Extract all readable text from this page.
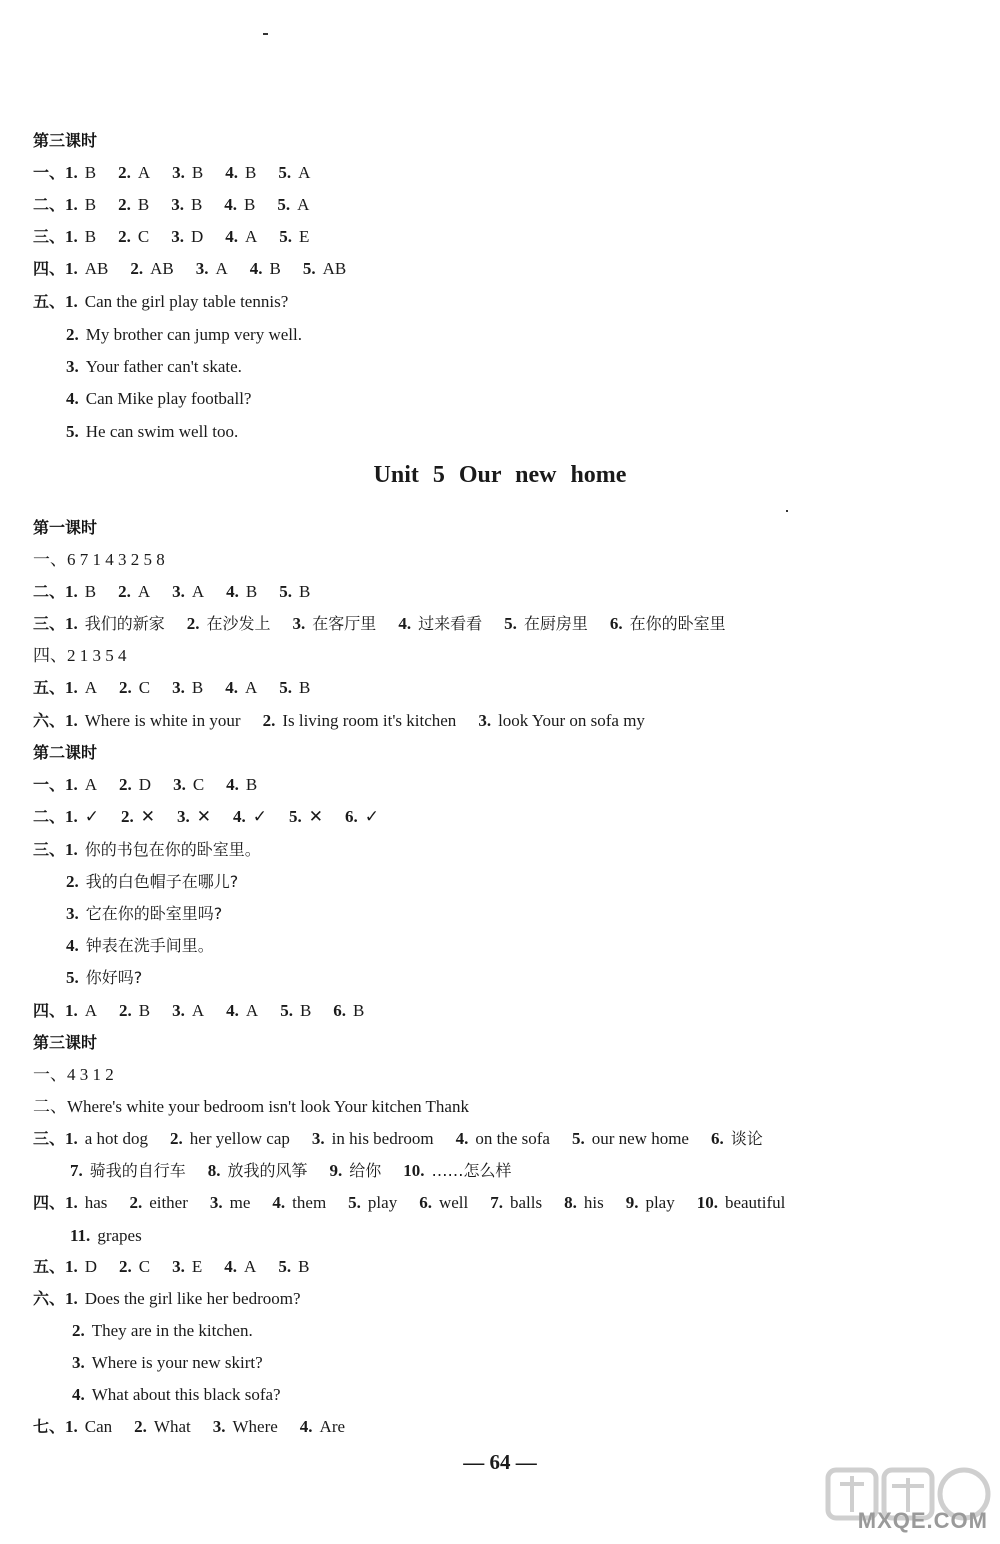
第三课时
一、1. B 2. A 3. B 4. B 5. A
二、1. B 2. B 3. B 4. B 5. A
三、1. B 2. C 3. D 4. A 5. E
四、1. AB 2. AB 3. A 4. B 5. AB
五、1. Can the girl play table tennis?
2. My brother can jump very well.
3. Your father can't skate.
4. Can Mike play football?
5. He can swim well too.
Unit 5 Our new home
第一课时
一、6 7 1 4 3 2 5 8
二、1. B 2. A 3. A 4. B 5. B
三、1. 我们的新家 2. 在沙发上 3. 在客厅里 4. 过来看看 5. 在厨房里 6. 在你的卧室里
四、2 1 3 5 4
五、1. A 2. C 3. B 4. A 5. B
六、1. Where is white in your 2. Is living room it's kitchen 3. look Your on sofa my
第二课时
一、1. A 2. D 3. C 4. B
二、1. ✓ 2. ✕ 3. ✕ 4. ✓ 5. ✕ 6. ✓
三、1. 你的书包在你的卧室里。
2. 我的白色帽子在哪儿?
3. 它在你的卧室里吗?
4. 钟表在洗手间里。
5. 你好吗?
四、1. A 2. B 3. A 4. A 5. B 6. B
第三课时
一、4 3 1 2
二、Where's white your bedroom isn't look Your kitchen Thank
三、1. a hot dog 2. her yellow cap 3. in his bedroom 4. on the sofa 5. our new home 6. 谈论
7. 骑我的自行车 8. 放我的风筝 9. 给你 10. ……怎么样
四、1. has 2. either 3. me 4. them 5. play 6. well 7. balls 8. his 9. play 10. beautiful
11. grapes
五、1. D 2. C 3. E 4. A 5. B
六、1. Does the girl like her bedroom?
2. They are in the kitchen.
3. Where is your new skirt?
4. What about this black sofa?
七、1. Can 2. What 3. Where 4. Are
— 64 —
MXQE.COM
